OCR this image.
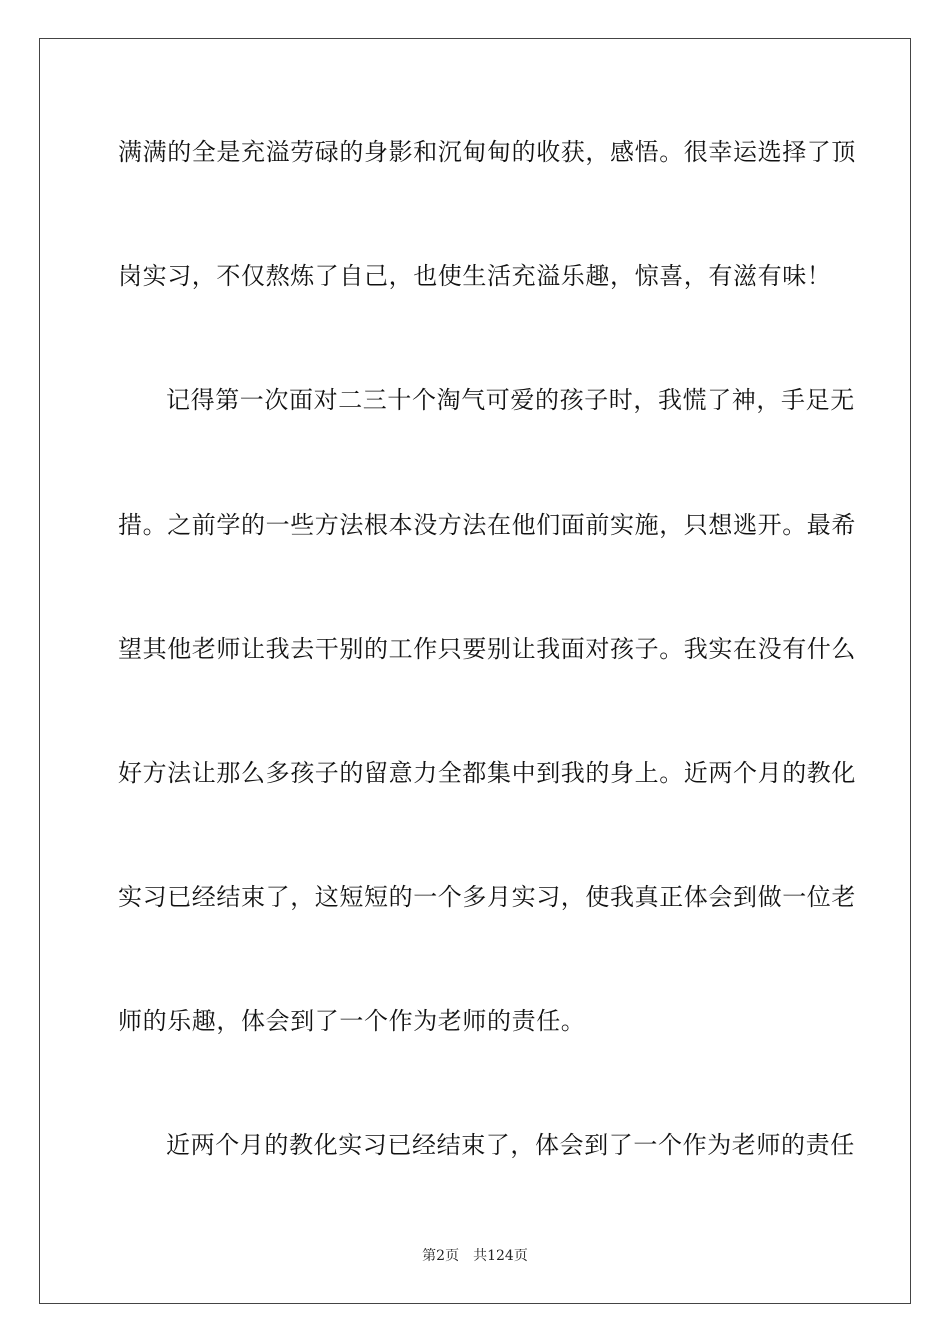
满满的全是充溢劳碌的身影和沉甸甸的收获，感悟。很幸运选择了顶
岗实习，不仅熬炼了自己，也使生活充溢乐趣，惊喜，有滋有味！
记得第一次面对二三十个淘气可爱的孩子时，我慌了神，手足无
措。之前学的一些方法根本没方法在他们面前实施，只想逃开。最希
望其他老师让我去干别的工作只要别让我面对孩子。我实在没有什么
好方法让那么多孩子的留意力全都集中到我的身上。近两个月的教化
实习已经结束了，这短短的一个多月实习，使我真正体会到做一位老
师的乐趣，体会到了一个作为老师的责任。
近两个月的教化实习已经结束了，体会到了一个作为老师的责任
第2页 共124页
